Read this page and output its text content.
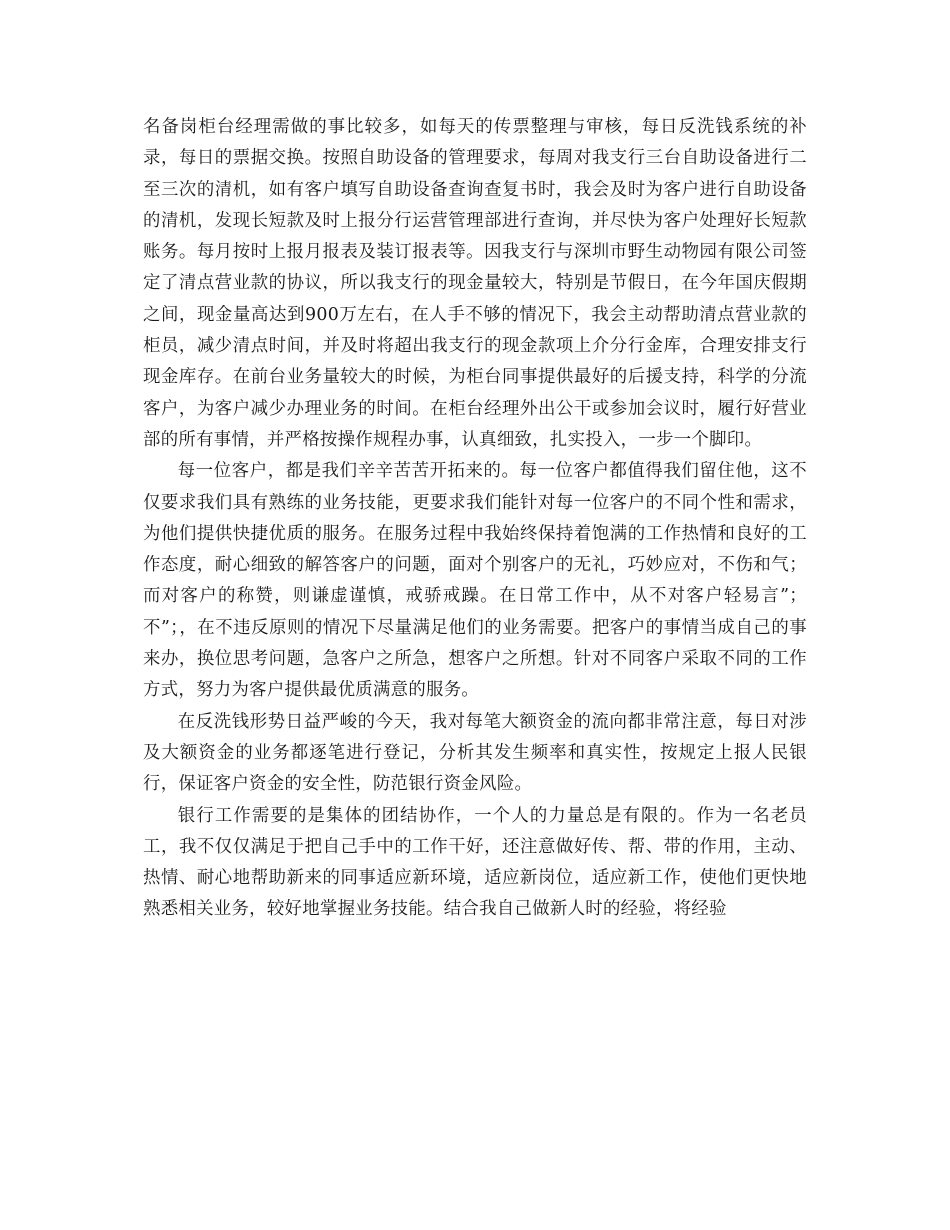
名备岗柜台经理需做的事比较多，如每天的传票整理与审核，每日反洗钱系统的补录，每日的票据交换。按照自助设备的管理要求，每周对我支行三台自助设备进行二至三次的清机，如有客户填写自助设备查询查复书时，我会及时为客户进行自助设备的清机，发现长短款及时上报分行运营管理部进行查询，并尽快为客户处理好长短款账务。每月按时上报月报表及装订报表等。因我支行与深圳市野生动物园有限公司签定了清点营业款的协议，所以我支行的现金量较大，特别是节假日，在今年国庆假期之间，现金量高达到900万左右，在人手不够的情况下，我会主动帮助清点营业款的柜员，减少清点时间，并及时将超出我支行的现金款项上介分行金库，合理安排支行现金库存。在前台业务量较大的时候，为柜台同事提供最好的后援支持，科学的分流客户，为客户减少办理业务的时间。在柜台经理外出公干或参加会议时，履行好营业部的所有事情，并严格按操作规程办事，认真细致，扎实投入，一步一个脚印。

每一位客户，都是我们辛辛苦苦开拓来的。每一位客户都值得我们留住他，这不仅要求我们具有熟练的业务技能，更要求我们能针对每一位客户的不同个性和需求，为他们提供快捷优质的服务。在服务过程中我始终保持着饱满的工作热情和良好的工作态度，耐心细致的解答客户的问题，面对个别客户的无礼，巧妙应对，不伤和气；而对客户的称赞，则谦虚谨慎，戒骄戒躁。在日常工作中，从不对客户轻易言”；不”；，在不违反原则的情况下尽量满足他们的业务需要。把客户的事情当成自己的事来办，换位思考问题，急客户之所急，想客户之所想。针对不同客户采取不同的工作方式，努力为客户提供最优质满意的服务。

在反洗钱形势日益严峻的今天，我对每笔大额资金的流向都非常注意，每日对涉及大额资金的业务都逐笔进行登记，分析其发生频率和真实性，按规定上报人民银行，保证客户资金的安全性，防范银行资金风险。

银行工作需要的是集体的团结协作，一个人的力量总是有限的。作为一名老员工，我不仅仅满足于把自己手中的工作干好，还注意做好传、帮、带的作用，主动、热情、耐心地帮助新来的同事适应新环境，适应新岗位，适应新工作，使他们更快地熟悉相关业务，较好地掌握业务技能。结合我自己做新人时的经验，将经验
